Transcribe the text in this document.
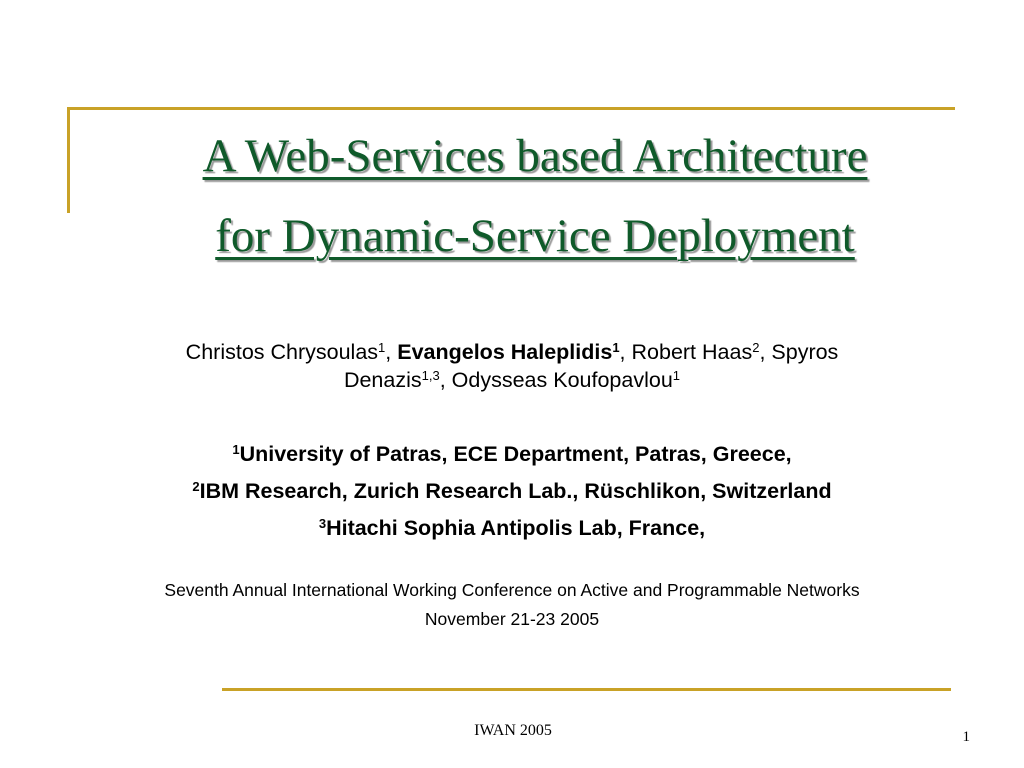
A Web-Services based Architecture
for Dynamic-Service Deployment
Christos Chrysoulas$^1$, Evangelos Haleplidis$^1$, Robert Haas$^2$, Spyros
Denazis$^{1,3}$, Odysseas Koufopavlou$^1$
$^1$University of Patras, ECE Department, Patras, Greece,
$^2$IBM Research, Zurich Research Lab., Rüschlikon, Switzerland
$^3$Hitachi Sophia Antipolis Lab, France,
Seventh Annual International Working Conference on Active and Programmable Networks
November 21-23 2005
IWAN 2005	1
